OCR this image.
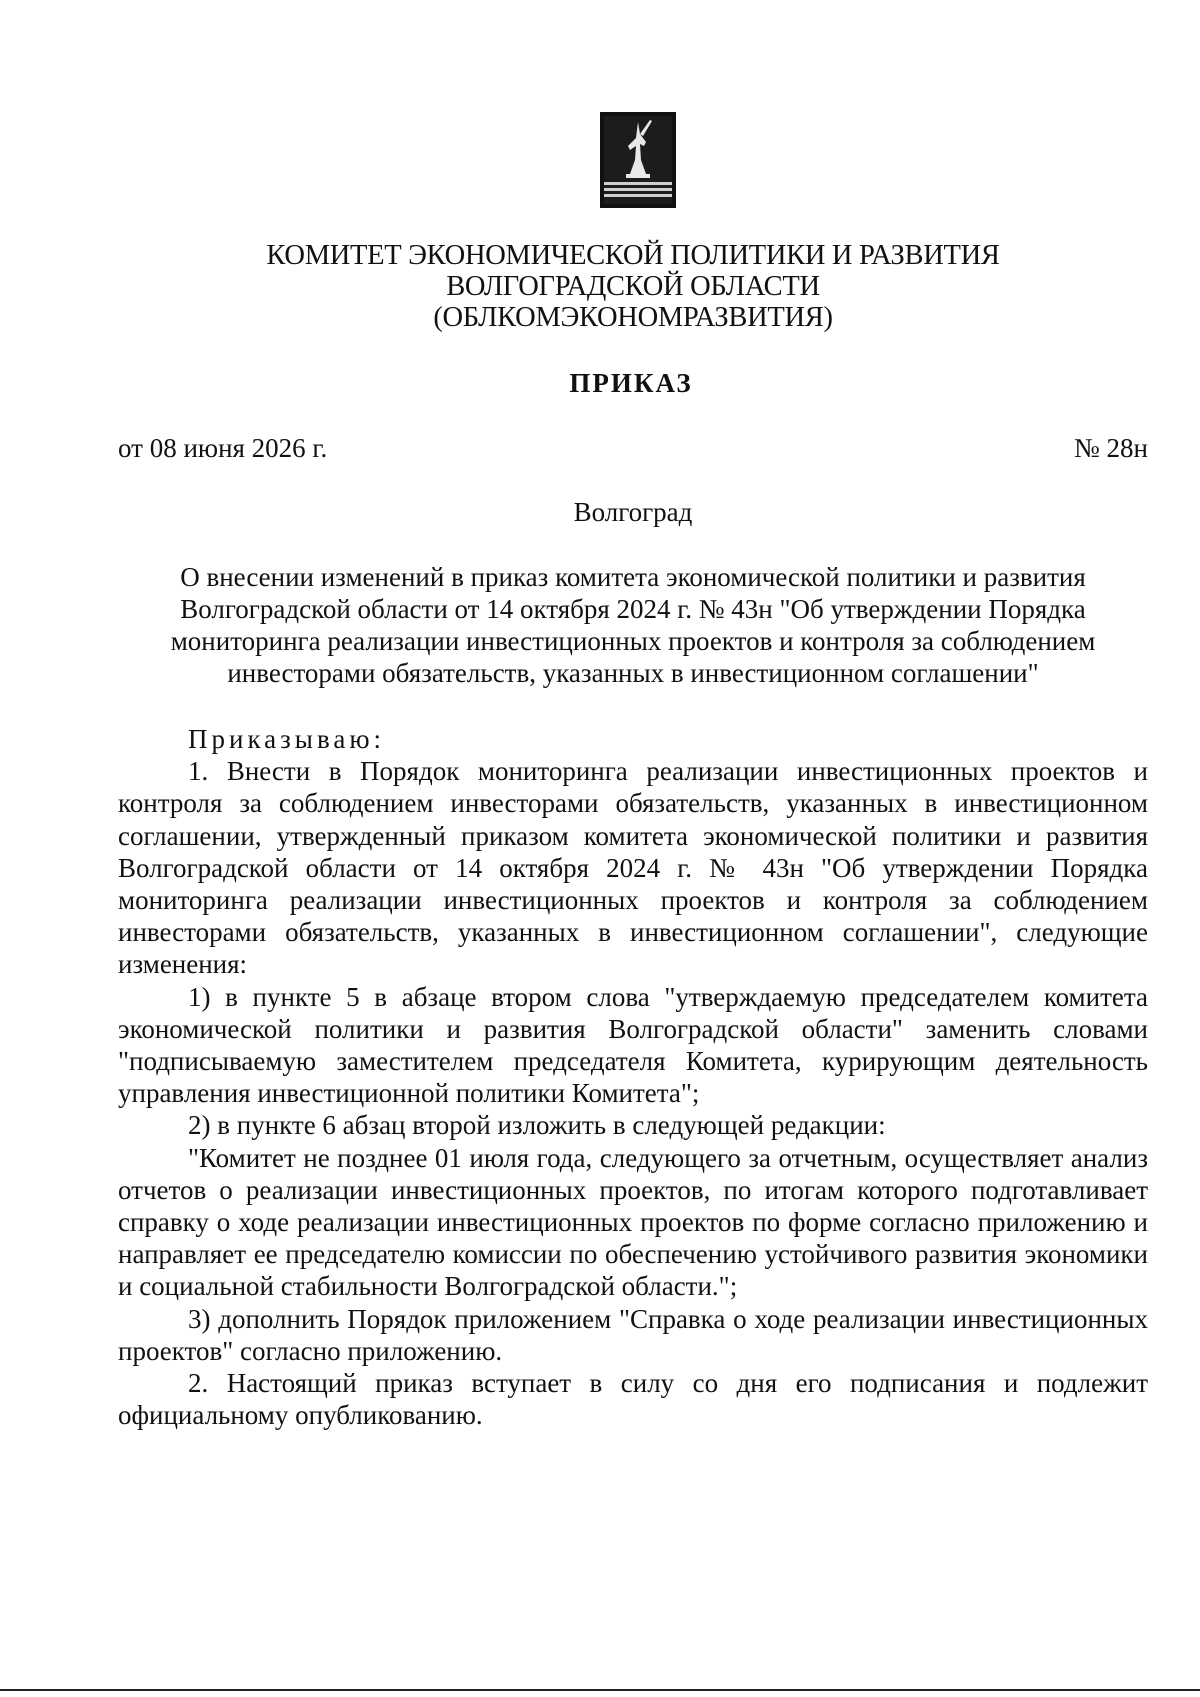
КОМИТЕТ ЭКОНОМИЧЕСКОЙ ПОЛИТИКИ И РАЗВИТИЯ
ВОЛГОГРАДСКОЙ ОБЛАСТИ
(ОБЛКОМЭКОНОМРАЗВИТИЯ)
ПРИКАЗ
от 08 июня 2026 г.	№ 28н
Волгоград
О внесении изменений в приказ комитета экономической политики и развития
Волгоградской области от 14 октября 2024 г. № 43н "Об утверждении Порядка
мониторинга реализации инвестиционных проектов и контроля за соблюдением
инвесторами обязательств, указанных в инвестиционном соглашении"

Приказываю:

1. Внести в Порядок мониторинга реализации инвестиционных проектов и контроля за соблюдением инвесторами обязательств, указанных в инвестиционном соглашении, утвержденный приказом комитета экономической политики и развития Волгоградской области от 14 октября 2024 г. № 43н "Об утверждении Порядка мониторинга реализации инвестиционных проектов и контроля за соблюдением инвесторами обязательств, указанных в инвестиционном соглашении", следующие изменения:

1) в пункте 5 в абзаце втором слова "утверждаемую председателем комитета экономической политики и развития Волгоградской области" заменить словами "подписываемую заместителем председателя Комитета, курирующим деятельность управления инвестиционной политики Комитета";

2) в пункте 6 абзац второй изложить в следующей редакции:

"Комитет не позднее 01 июля года, следующего за отчетным, осуществляет анализ отчетов о реализации инвестиционных проектов, по итогам которого подготавливает справку о ходе реализации инвестиционных проектов по форме согласно приложению и направляет ее председателю комиссии по обеспечению устойчивого развития экономики и социальной стабильности Волгоградской области.";

3) дополнить Порядок приложением "Справка о ходе реализации инвестиционных проектов" согласно приложению.

2. Настоящий приказ вступает в силу со дня его подписания и подлежит официальному опубликованию.
